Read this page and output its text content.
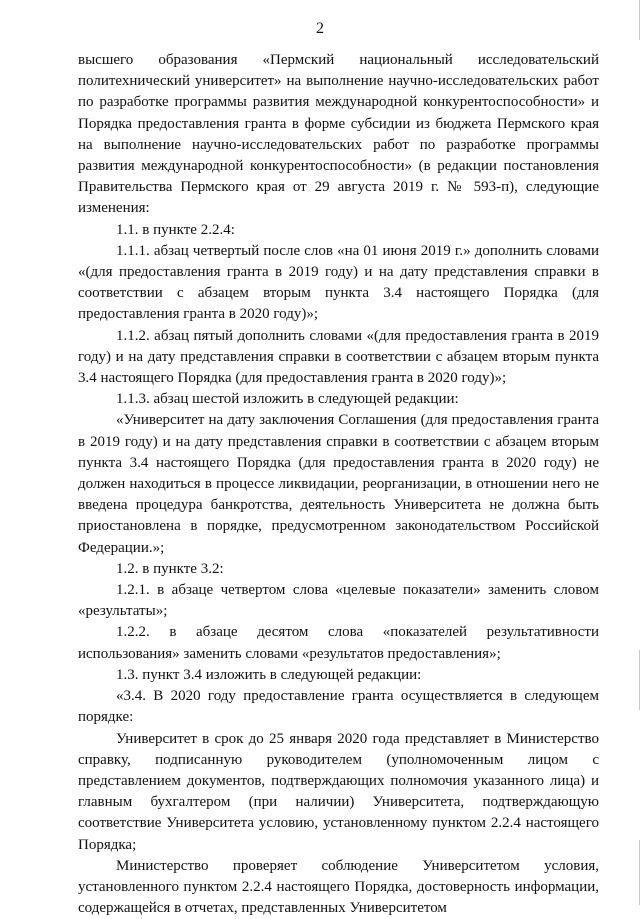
2

высшего образования «Пермский национальный исследовательский политехнический университет» на выполнение научно-исследовательских работ по разработке программы развития международной конкурентоспособности» и Порядка предоставления гранта в форме субсидии из бюджета Пермского края на выполнение научно-исследовательских работ по разработке программы развития международной конкурентоспособности» (в редакции постановления Правительства Пермского края от 29 августа 2019 г. № 593-п), следующие изменения:

1.1. в пункте 2.2.4:

1.1.1. абзац четвертый после слов «на 01 июня 2019 г.» дополнить словами «(для предоставления гранта в 2019 году) и на дату представления справки в соответствии с абзацем вторым пункта 3.4 настоящего Порядка (для предоставления гранта в 2020 году)»;

1.1.2. абзац пятый дополнить словами «(для предоставления гранта в 2019 году) и на дату представления справки в соответствии с абзацем вторым пункта 3.4 настоящего Порядка (для предоставления гранта в 2020 году)»;

1.1.3. абзац шестой изложить в следующей редакции:

«Университет на дату заключения Соглашения (для предоставления гранта в 2019 году) и на дату представления справки в соответствии с абзацем вторым пункта 3.4 настоящего Порядка (для предоставления гранта в 2020 году) не должен находиться в процессе ликвидации, реорганизации, в отношении него не введена процедура банкротства, деятельность Университета не должна быть приостановлена в порядке, предусмотренном законодательством Российской Федерации.»;

1.2. в пункте 3.2:

1.2.1. в абзаце четвертом слова «целевые показатели» заменить словом «результаты»;

1.2.2. в абзаце десятом слова «показателей результативности использования» заменить словами «результатов предоставления»;

1.3. пункт 3.4 изложить в следующей редакции:

«3.4. В 2020 году предоставление гранта осуществляется в следующем порядке:

Университет в срок до 25 января 2020 года представляет в Министерство справку, подписанную руководителем (уполномоченным лицом с представлением документов, подтверждающих полномочия указанного лица) и главным бухгалтером (при наличии) Университета, подтверждающую соответствие Университета условию, установленному пунктом 2.2.4 настоящего Порядка;

Министерство проверяет соблюдение Университетом условия, установленного пунктом 2.2.4 настоящего Порядка, достоверность информации, содержащейся в отчетах, представленных Университетом
